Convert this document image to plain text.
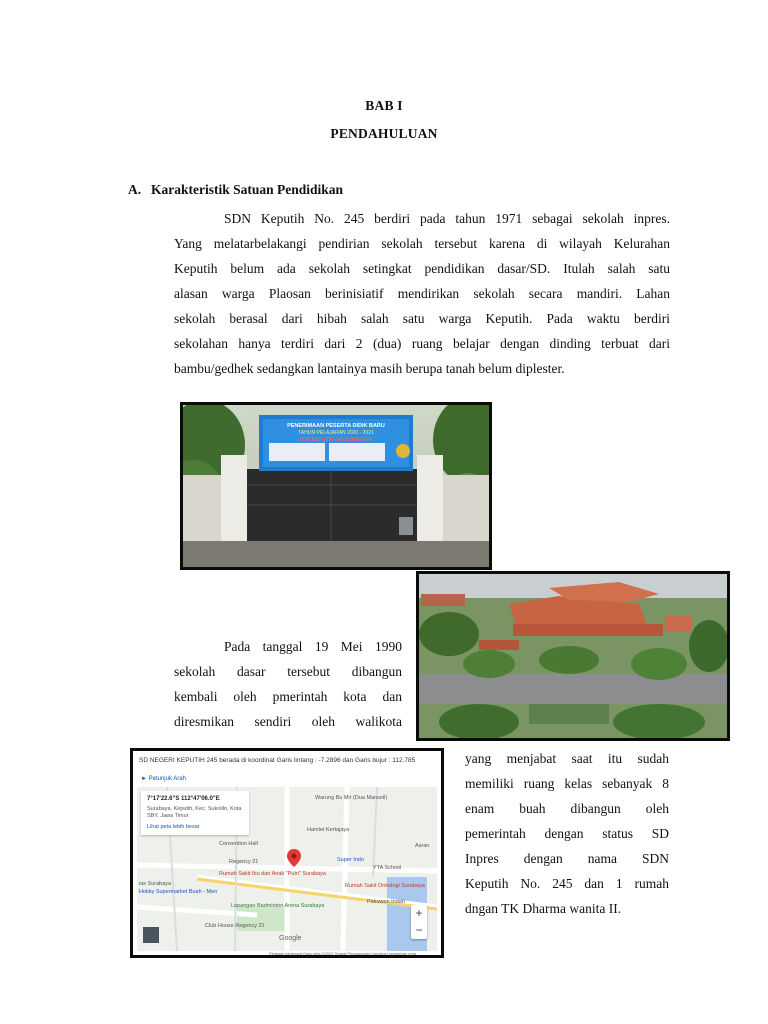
BAB I
PENDAHULUAN
A. Karakteristik Satuan Pendidikan
SDN Keputih No. 245 berdiri pada tahun 1971 sebagai sekolah inpres.
Yang melatarbelakangi pendirian sekolah tersebut karena di wilayah Kelurahan
Keputih belum ada sekolah setingkat pendidikan dasar/SD. Itulah salah satu
alasan warga Plaosan berinisiatif mendirikan sekolah secara mandiri. Lahan
sekolah berasal dari hibah salah satu warga Keputih. Pada waktu berdiri
sekolahan hanya terdiri dari 2 (dua) ruang belajar dengan dinding terbuat dari
bambu/gedhek sedangkan lantainya masih berupa tanah belum diplester.
PENERIMAAN PESERTA DIDIK BARU
TAHUN PELAJARAN 2020 - 2021
SDN KEPUTIH 245 SURABAYA
Pada tanggal 19 Mei 1990
sekolah dasar tersebut dibangun
kembali oleh pmerintah kota dan
diresmikan sendiri oleh walikota
yang menjabat saat itu sudah
memiliki ruang kelas sebanyak 8
enam buah dibangun oleh
pemerintah dengan status SD
Inpres dengan nama SDN
Keputih No. 245 dan 1 rumah
dngan TK Dharma wanita II.
SD NEGERI KEPUTIH 245 berada di koordinat Garis lintang : -7.2896 dan Garis bujur : 112.785
► Petunjuk Arah
7°17'22.6"S 112°47'06.0"E
Surabaya, Keputih, Kec. Sukolilo, Kota SBY, Jawa Timur
Lihat peta lebih besar
Warung Bu Mir (Dua Mansell)
Hamlet Kertajaya
Convention Hall
Regency 21
Rumah Sakit Ibu dan Anak "Putri" Surabaya
Super Indo
YTA School
Rumah Sakit Onkologi Surabaya
ias Surabaya
Hokky Supermarket Buah - Men
Lapangan Badminton Arena Surabaya
Club House Regency 21
Asran
Pakuwon Indah
+
−
Google
Pintasan keyboard Data peta ©2022 Syarat Penggunaan Laporkan kesalahan peta
